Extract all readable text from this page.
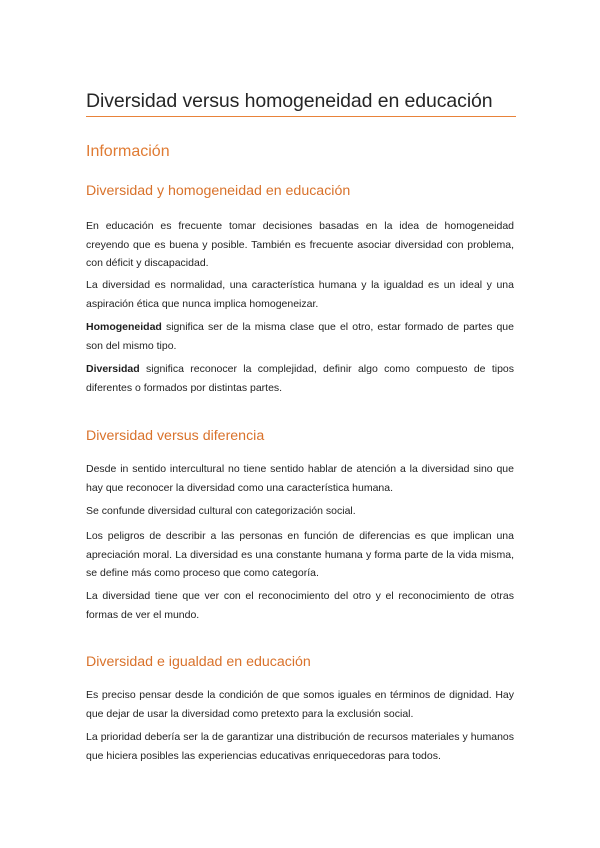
Diversidad versus homogeneidad en educación
Información
Diversidad y homogeneidad en educación

En educación es frecuente tomar decisiones basadas en la idea de homogeneidad creyendo que es buena y posible. También es frecuente asociar diversidad con problema, con déficit y discapacidad.

La diversidad es normalidad, una característica humana y la igualdad es un ideal y una aspiración ética que nunca implica homogeneizar.

Homogeneidad significa ser de la misma clase que el otro, estar formado de partes que son del mismo tipo.

Diversidad significa reconocer la complejidad, definir algo como compuesto de tipos diferentes o formados por distintas partes.

Diversidad versus diferencia

Desde in sentido intercultural no tiene sentido hablar de atención a la diversidad sino que hay que reconocer la diversidad como una característica humana.

Se confunde diversidad cultural con categorización social.

Los peligros de describir a las personas en función de diferencias es que implican una apreciación moral. La diversidad es una constante humana y forma parte de la vida misma, se define más como proceso que como categoría.

La diversidad tiene que ver con el reconocimiento del otro y el reconocimiento de otras formas de ver el mundo.

Diversidad e igualdad en educación

Es preciso pensar desde la condición de que somos iguales en términos de dignidad. Hay que dejar de usar la diversidad como pretexto para la exclusión social.

La prioridad debería ser la de garantizar una distribución de recursos materiales y humanos que hiciera posibles las experiencias educativas enriquecedoras para todos.
